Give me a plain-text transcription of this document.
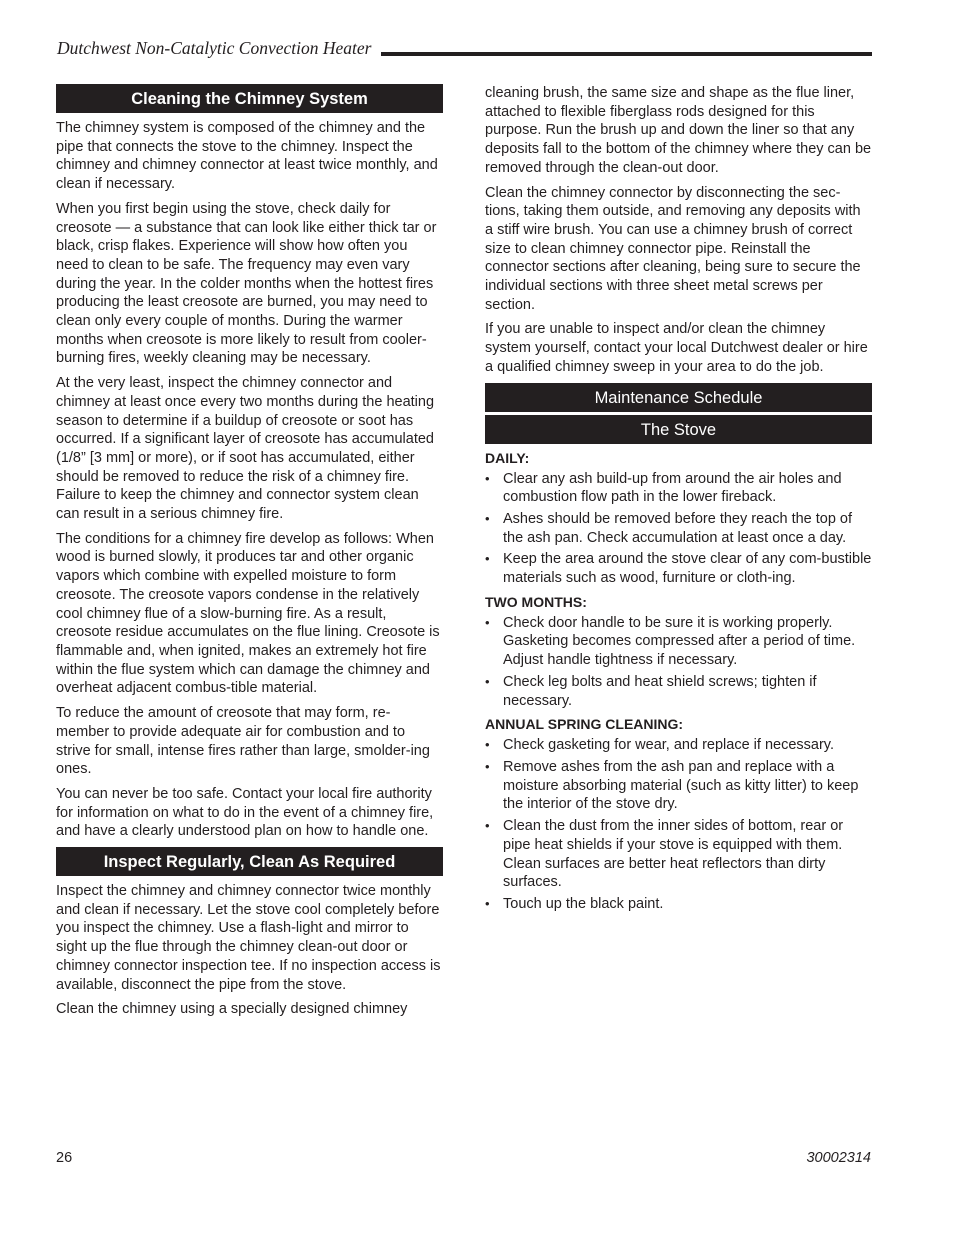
Dutchwest Non-Catalytic Convection Heater
Cleaning the Chimney System

The chimney system is composed of the chimney and the pipe that connects the stove to the chimney. Inspect the chimney and chimney connector at least twice monthly, and clean if necessary.

When you first begin using the stove, check daily for creosote — a substance that can look like either thick tar or black, crisp flakes. Experience will show how often you need to clean to be safe. The frequency may even vary during the year. In the colder months when the hottest fires producing the least creosote are burned, you may need to clean only every couple of months. During the warmer months when creosote is more likely to result from cooler-burning fires, weekly cleaning may be necessary.

At the very least, inspect the chimney connector and chimney at least once every two months during the heating season to determine if a buildup of creosote or soot has occurred. If a significant layer of creosote has accumulated (1/8” [3 mm] or more), or if soot has accumulated, either should be removed to reduce the risk of a chimney fire. Failure to keep the chimney and connector system clean can result in a serious chimney fire.

The conditions for a chimney fire develop as follows: When wood is burned slowly, it produces tar and other organic vapors which combine with expelled moisture to form creosote. The creosote vapors condense in the relatively cool chimney flue of a slow-burning fire. As a result, creosote residue accumulates on the flue lining. Creosote is flammable and, when ignited, makes an extremely hot fire within the flue system which can damage the chimney and overheat adjacent combus-tible material.

To reduce the amount of creosote that may form, re-member to provide adequate air for combustion and to strive for small, intense fires rather than large, smolder-ing ones.

You can never be too safe. Contact your local fire authority for information on what to do in the event of a chimney fire, and have a clearly understood plan on how to handle one.

Inspect Regularly, Clean As Required

Inspect the chimney and chimney connector twice monthly and clean if necessary. Let the stove cool completely before you inspect the chimney. Use a flash-light and mirror to sight up the flue through the chimney clean-out door or chimney connector inspection tee. If no inspection access is available, disconnect the pipe from the stove.

Clean the chimney using a specially designed chimney

cleaning brush, the same size and shape as the flue liner, attached to flexible fiberglass rods designed for this purpose. Run the brush up and down the liner so that any deposits fall to the bottom of the chimney where they can be removed through the clean-out door.

Clean the chimney connector by disconnecting the sec-tions, taking them outside, and removing any deposits with a stiff wire brush. You can use a chimney brush of correct size to clean chimney connector pipe. Reinstall the connector sections after cleaning, being sure to secure the individual sections with three sheet metal screws per section.

If you are unable to inspect and/or clean the chimney system yourself, contact your local Dutchwest dealer or hire a qualified chimney sweep in your area to do the job.

Maintenance Schedule
The Stove
DAILY:
• Clear any ash build-up from around the air holes and combustion flow path in the lower fireback.
• Ashes should be removed before they reach the top of the ash pan. Check accumulation at least once a day.
• Keep the area around the stove clear of any com-bustible materials such as wood, furniture or cloth-ing.
TWO MONTHS:
• Check door handle to be sure it is working properly. Gasketing becomes compressed after a period of time. Adjust handle tightness if necessary.
• Check leg bolts and heat shield screws; tighten if necessary.
ANNUAL SPRING CLEANING:
• Check gasketing for wear, and replace if necessary.
• Remove ashes from the ash pan and replace with a moisture absorbing material (such as kitty litter) to keep the interior of the stove dry.
• Clean the dust from the inner sides of bottom, rear or pipe heat shields if your stove is equipped with them. Clean surfaces are better heat reflectors than dirty surfaces.
• Touch up the black paint.
26	30002314
